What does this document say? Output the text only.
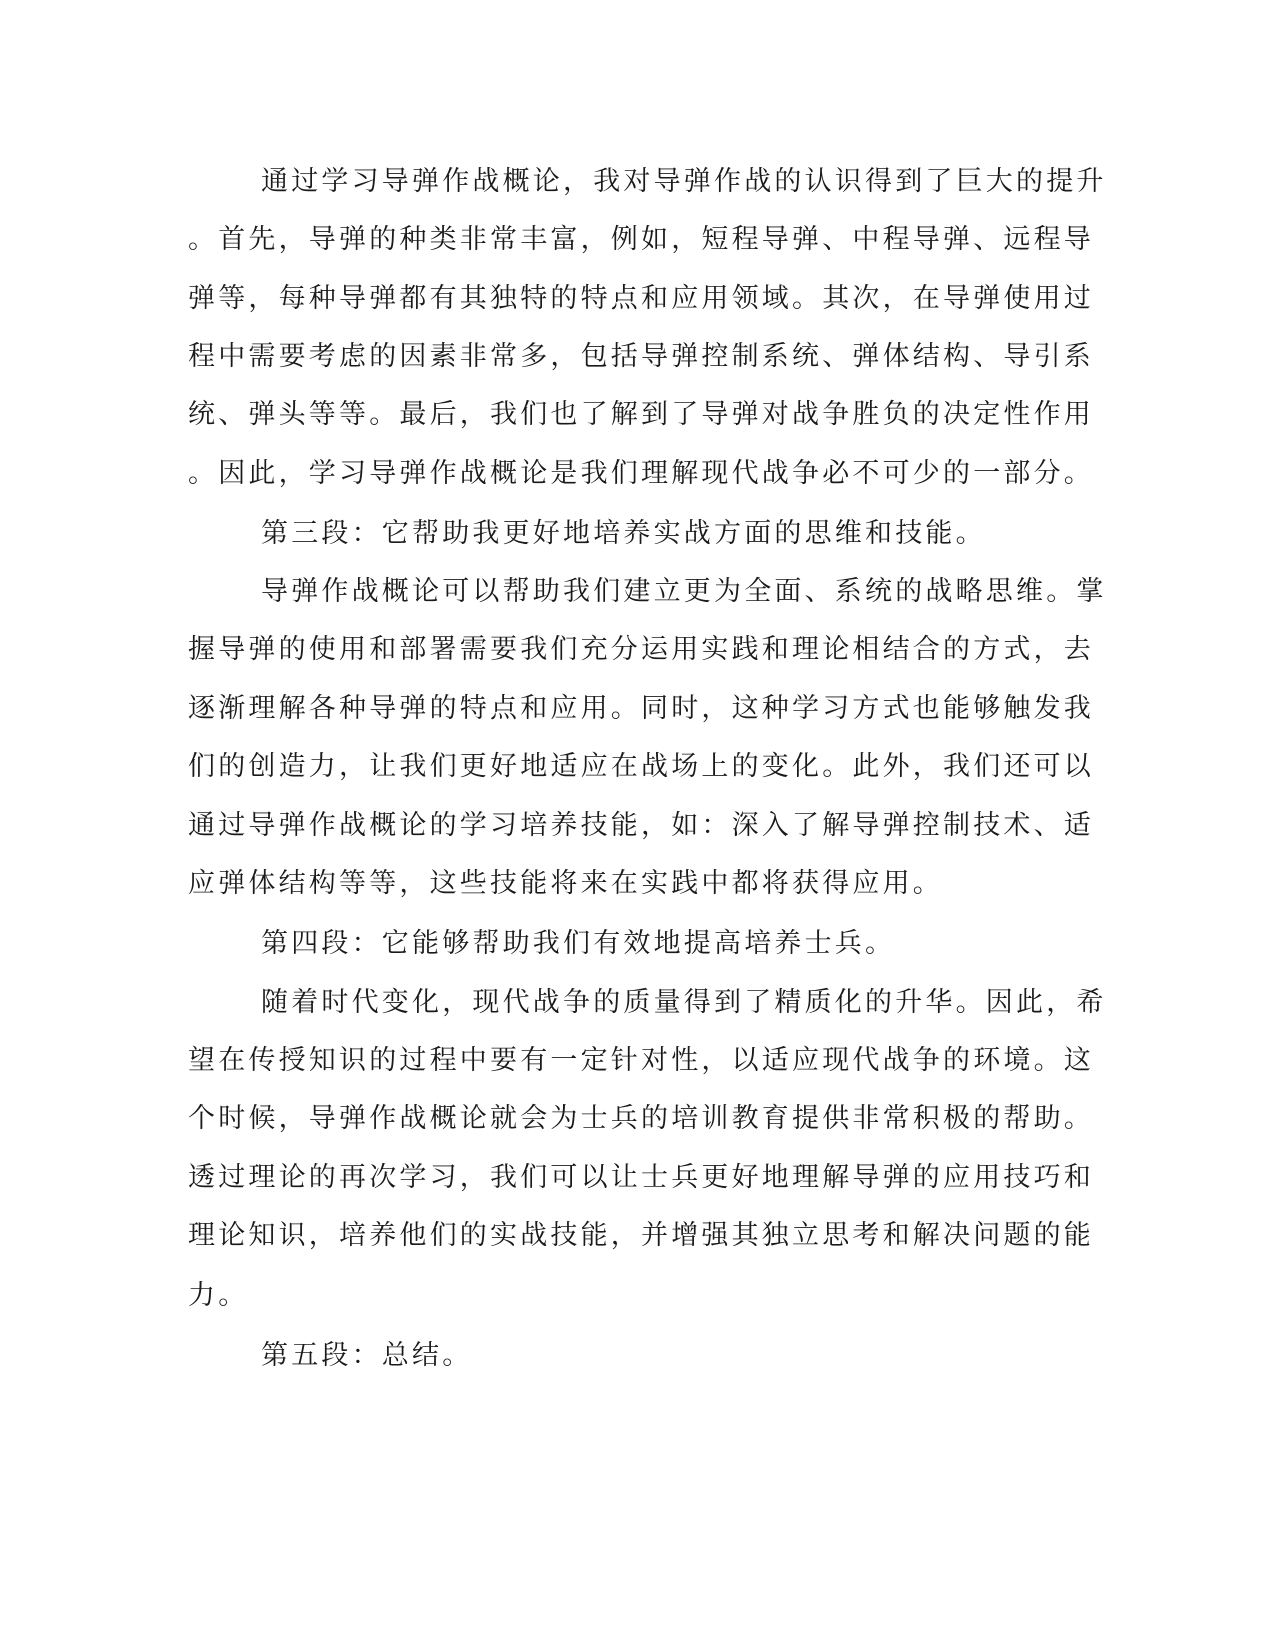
通过学习导弹作战概论，我对导弹作战的认识得到了巨大的提升
。首先，导弹的种类非常丰富，例如，短程导弹、中程导弹、远程导
弹等，每种导弹都有其独特的特点和应用领域。其次，在导弹使用过
程中需要考虑的因素非常多，包括导弹控制系统、弹体结构、导引系
统、弹头等等。最后，我们也了解到了导弹对战争胜负的决定性作用
。因此，学习导弹作战概论是我们理解现代战争必不可少的一部分。
第三段：它帮助我更好地培养实战方面的思维和技能。
导弹作战概论可以帮助我们建立更为全面、系统的战略思维。掌
握导弹的使用和部署需要我们充分运用实践和理论相结合的方式，去
逐渐理解各种导弹的特点和应用。同时，这种学习方式也能够触发我
们的创造力，让我们更好地适应在战场上的变化。此外，我们还可以
通过导弹作战概论的学习培养技能，如：深入了解导弹控制技术、适
应弹体结构等等，这些技能将来在实践中都将获得应用。
第四段：它能够帮助我们有效地提高培养士兵。
随着时代变化，现代战争的质量得到了精质化的升华。因此，希
望在传授知识的过程中要有一定针对性，以适应现代战争的环境。这
个时候，导弹作战概论就会为士兵的培训教育提供非常积极的帮助。
透过理论的再次学习，我们可以让士兵更好地理解导弹的应用技巧和
理论知识，培养他们的实战技能，并增强其独立思考和解决问题的能
力。
第五段：总结。
